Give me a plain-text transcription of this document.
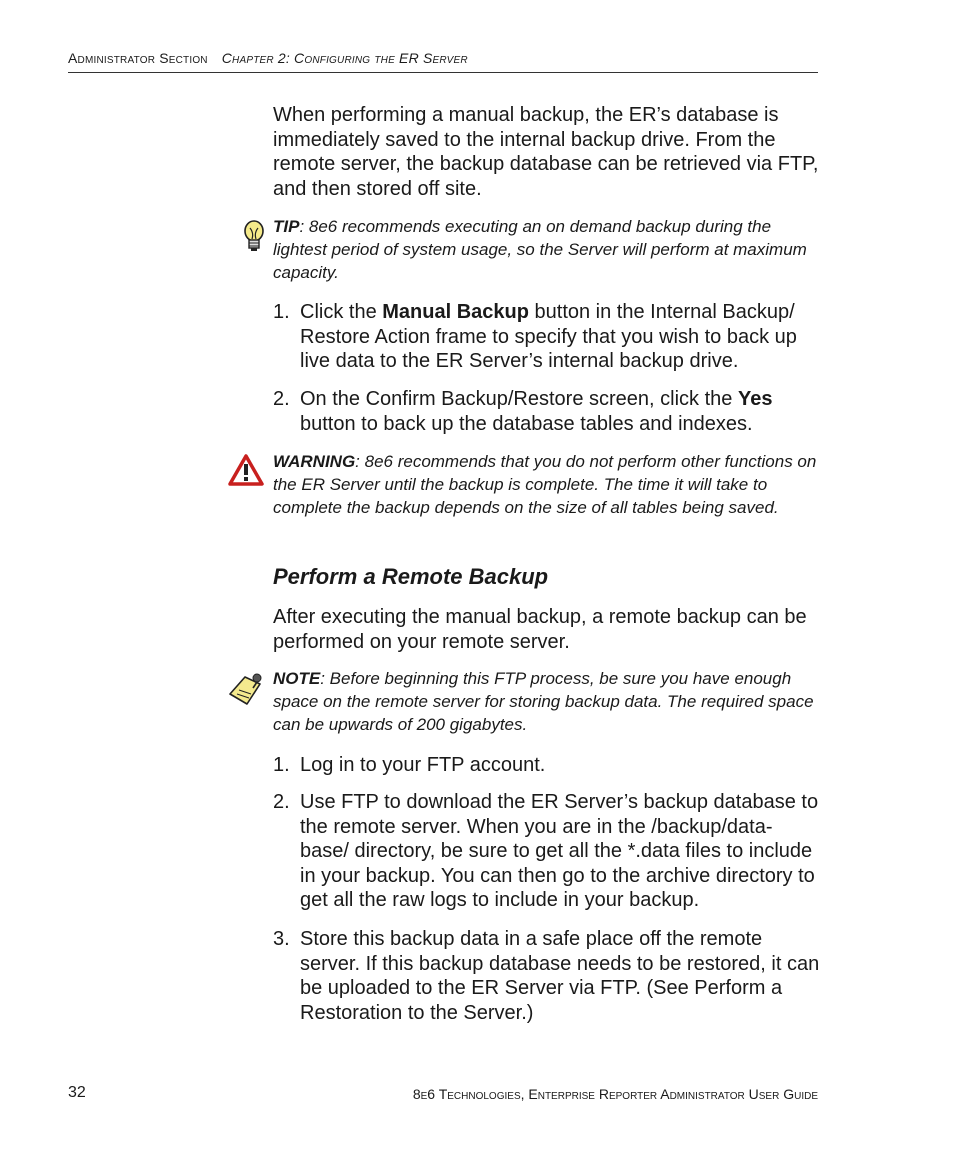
Administrator Section Chapter 2: Configuring the ER Server
When performing a manual backup, the ER’s database is immediately saved to the internal backup drive. From the remote server, the backup database can be retrieved via FTP, and then stored off site.
TIP: 8e6 recommends executing an on demand backup during the lightest period of system usage, so the Server will perform at maximum capacity.
1. Click the Manual Backup button in the Internal Backup/ Restore Action frame to specify that you wish to back up live data to the ER Server’s internal backup drive.
2. On the Confirm Backup/Restore screen, click the Yes button to back up the database tables and indexes.
WARNING: 8e6 recommends that you do not perform other functions on the ER Server until the backup is complete. The time it will take to complete the backup depends on the size of all tables being saved.
Perform a Remote Backup
After executing the manual backup, a remote backup can be performed on your remote server.
NOTE: Before beginning this FTP process, be sure you have enough space on the remote server for storing backup data. The required space can be upwards of 200 gigabytes.
1. Log in to your FTP account.
2. Use FTP to download the ER Server’s backup database to the remote server. When you are in the /backup/data- base/ directory, be sure to get all the *.data files to include in your backup. You can then go to the archive directory to get all the raw logs to include in your backup.
3. Store this backup data in a safe place off the remote server. If this backup database needs to be restored, it can be uploaded to the ER Server via FTP. (See Perform a Restoration to the Server.)
32	8e6 Technologies, Enterprise Reporter Administrator User Guide
